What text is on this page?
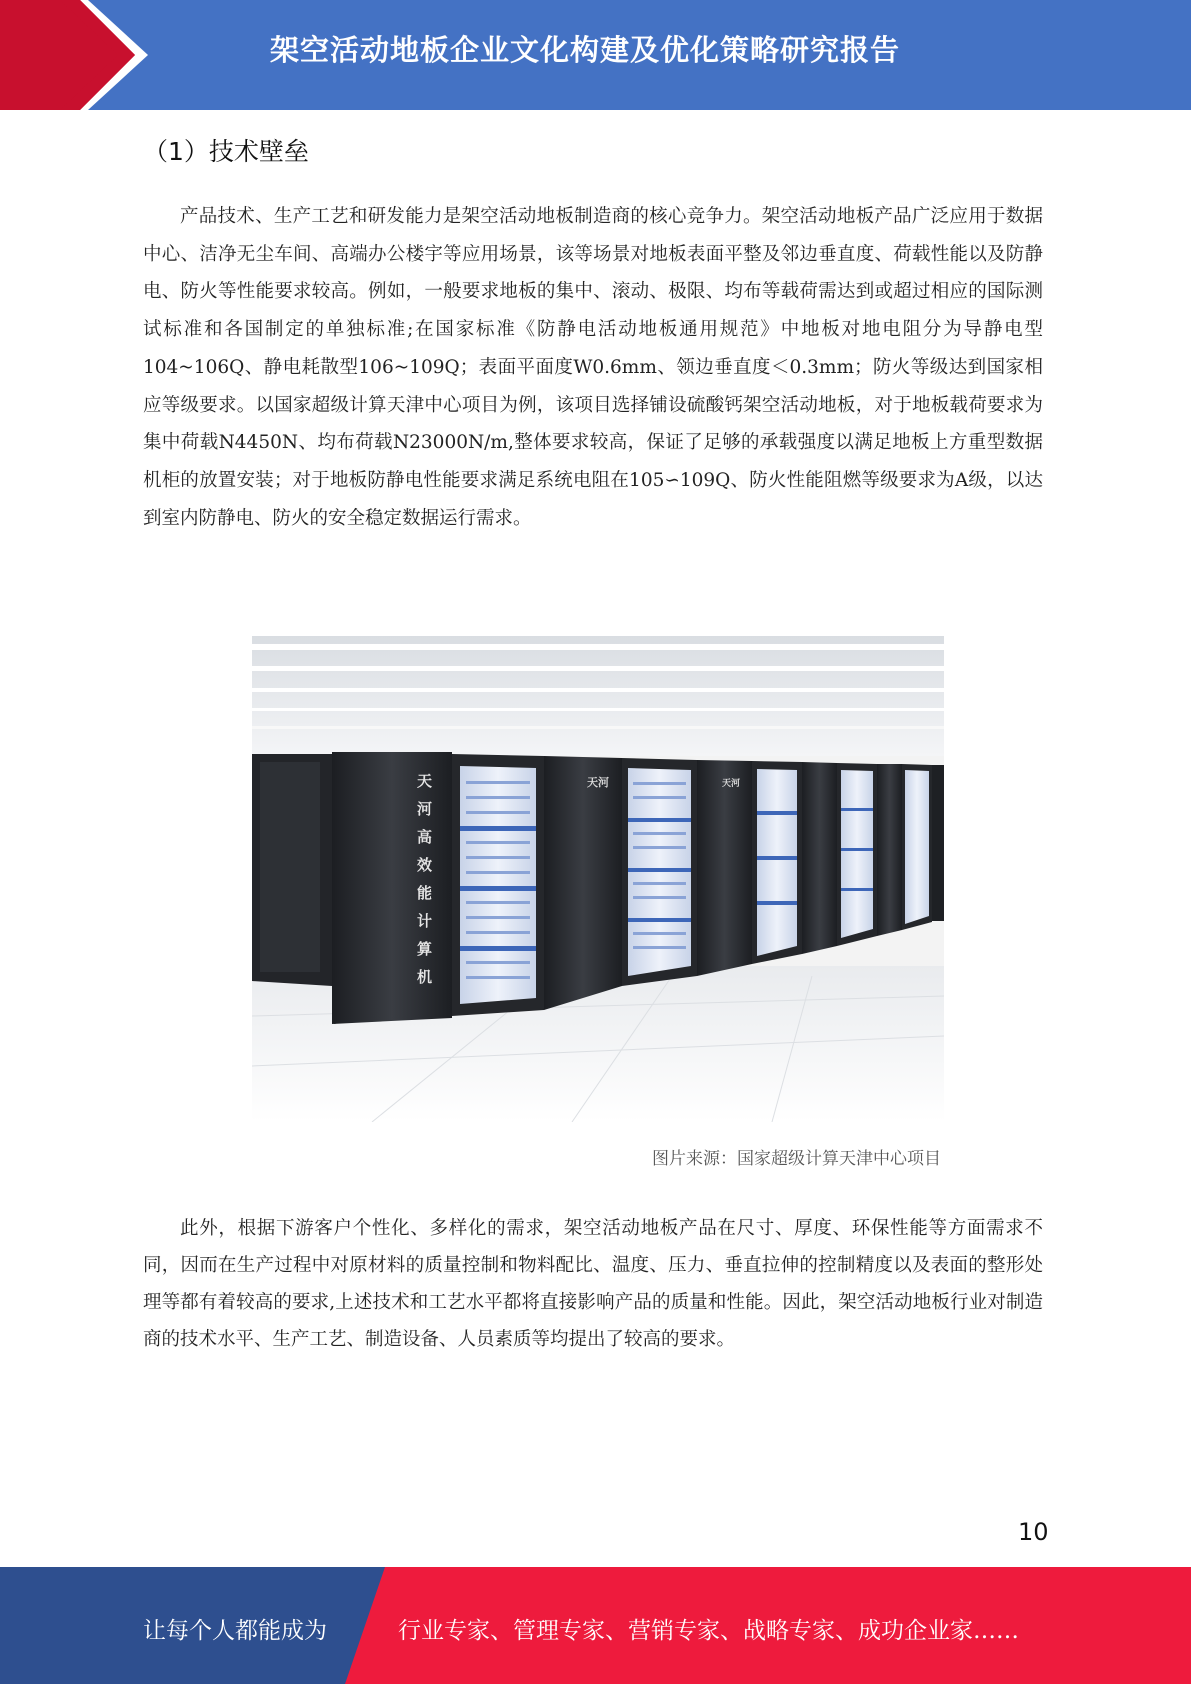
架空活动地板企业文化构建及优化策略研究报告
（1）技术壁垒

产品技术、生产工艺和研发能力是架空活动地板制造商的核心竞争力。架空活动地板产品广泛应用于数据中心、洁净无尘车间、高端办公楼宇等应用场景，该等场景对地板表面平整及邻边垂直度、荷载性能以及防静电、防火等性能要求较高。例如，一般要求地板的集中、滚动、极限、均布等载荷需达到或超过相应的国际测试标准和各国制定的单独标准;在国家标准《防静电活动地板通用规范》中地板对地电阻分为导静电型104~106Q、静电耗散型106~109Q；表面平面度W0.6mm、领边垂直度＜0.3mm；防火等级达到国家相应等级要求。以国家超级计算天津中心项目为例，该项目选择铺设硫酸钙架空活动地板，对于地板载荷要求为集中荷载N4450N、均布荷载N23000N/m,整体要求较高，保证了足够的承载强度以满足地板上方重型数据机柜的放置安装；对于地板防静电性能要求满足系统电阻在105∽109Q、防火性能阻燃等级要求为A级，以达到室内防静电、防火的安全稳定数据运行需求。

天
河
高
效
能
计
算
机
天河	天河
图片来源：国家超级计算天津中心项目

此外，根据下游客户个性化、多样化的需求，架空活动地板产品在尺寸、厚度、环保性能等方面需求不同，因而在生产过程中对原材料的质量控制和物料配比、温度、压力、垂直拉伸的控制精度以及表面的整形处理等都有着较高的要求,上述技术和工艺水平都将直接影响产品的质量和性能。因此，架空活动地板行业对制造商的技术水平、生产工艺、制造设备、人员素质等均提出了较高的要求。

10
让每个人都能成为	行业专家、管理专家、营销专家、战略专家、成功企业家……
